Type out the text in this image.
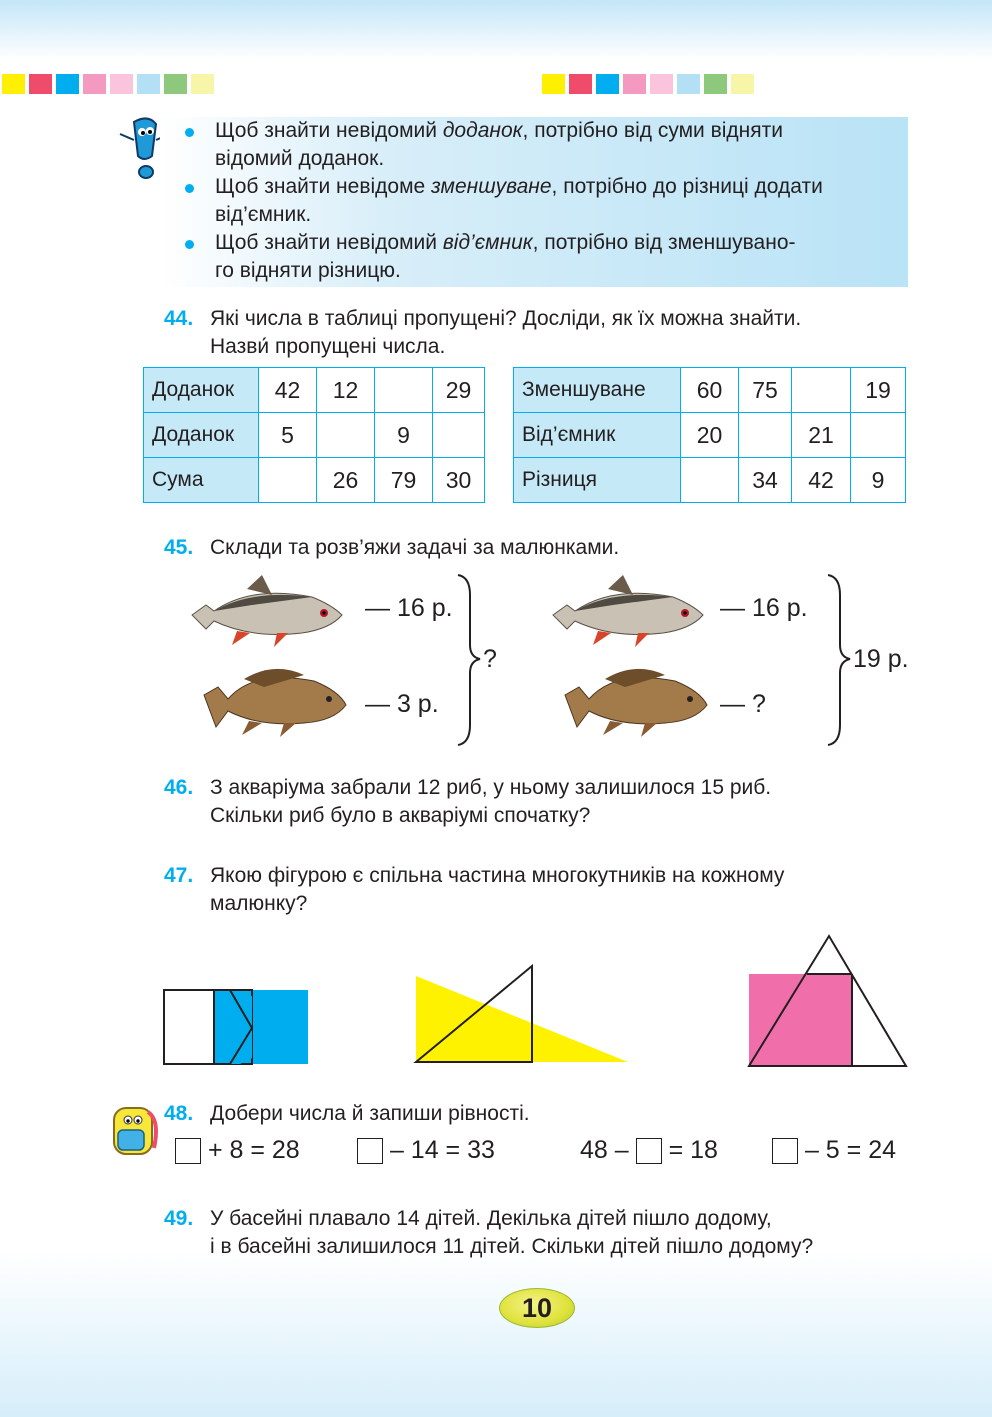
Щоб знайти невідомий доданок, потрібно від суми відняти
відомий доданок.
Щоб знайти невідоме зменшуване, потрібно до різниці додати
від’ємник.
Щоб знайти невідомий від’ємник, потрібно від зменшувано-
го відняти різницю.
44. Які числа в таблиці пропущені? Досліди, як їх можна знайти.
Назви́ пропущені числа.
Доданок	42	12		29
Доданок	5		9	
Сума		26	79	30
Зменшуване	60	75		19
Від’ємник	20		21	
Різниця		34	42	9
45. Склади та розв’яжи задачі за малюнками.
— 16 р.
— 3 р.
?
— 16 р.
— ?
19 р.
46. З акваріума забрали 12 риб, у ньому залишилося 15 риб.
Скільки риб було в акваріумі спочатку?
47. Якою фігурою є спільна частина многокутників на кожному
малюнку?
48. Добери числа й запиши рівності.
+ 8 = 28	– 14 = 33	48 – = 18	– 5 = 24
49. У басейні плавало 14 дітей. Декілька дітей пішло додому,
і в басейні залишилося 11 дітей. Скільки дітей пішло додому?
10
